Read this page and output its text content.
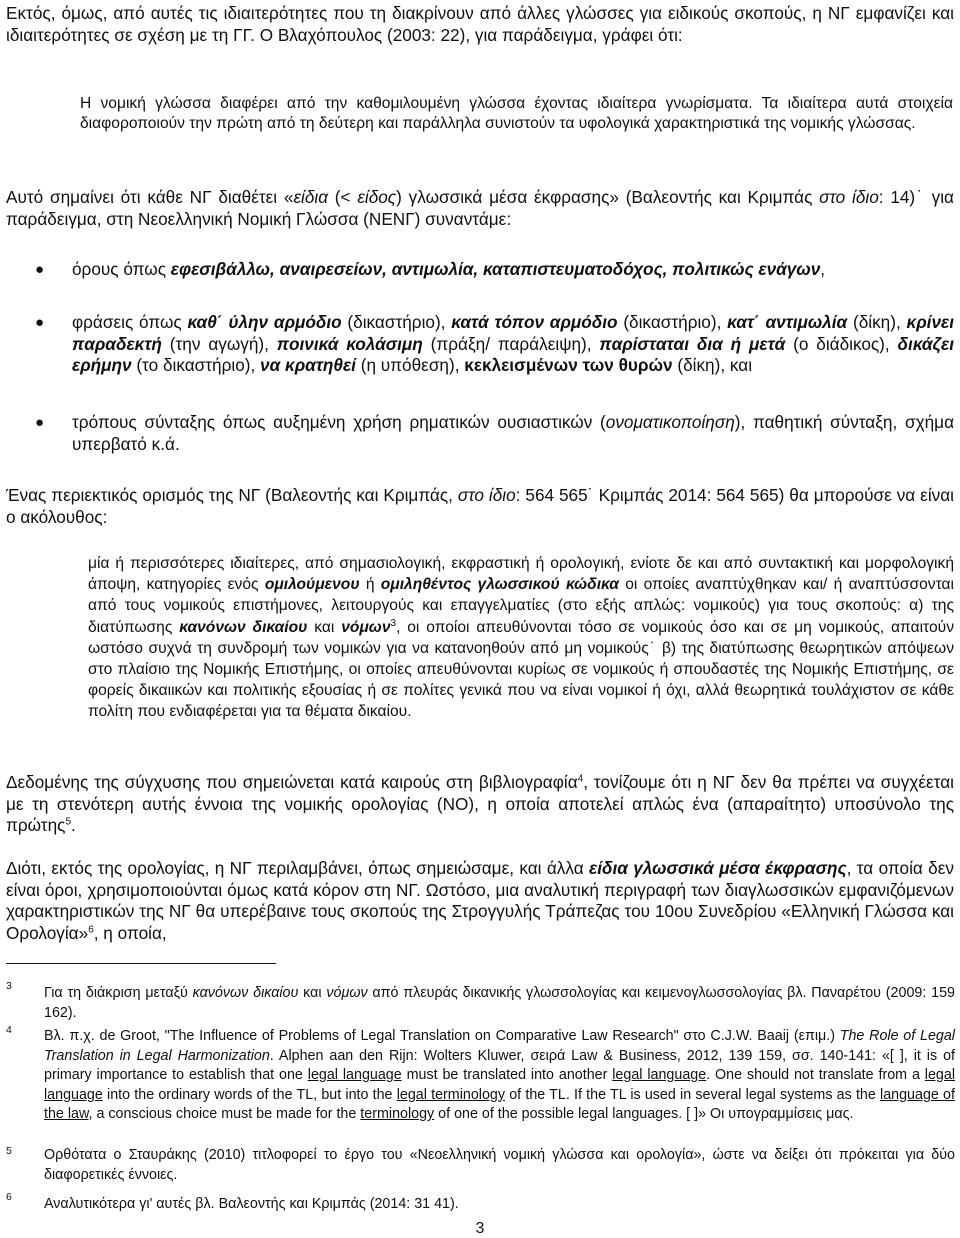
Εκτός, όμως, από αυτές τις ιδιαιτερότητες που τη διακρίνουν από άλλες γλώσσες για ειδικούς σκοπούς, η ΝΓ εμφανίζει και ιδιαιτερότητες σε σχέση με τη ΓΓ. Ο Βλαχόπουλος (2003: 22), για παράδειγμα, γράφει ότι:

Η νομική γλώσσα διαφέρει από την καθομιλουμένη γλώσσα έχοντας ιδιαίτερα γνωρίσματα. Τα ιδιαίτερα αυτά στοιχεία διαφοροποιούν την πρώτη από τη δεύτερη και παράλληλα συνιστούν τα υφολογικά χαρακτηριστικά της νομικής γλώσσας.

Αυτό σημαίνει ότι κάθε ΝΓ διαθέτει «είδια (< είδος) γλωσσικά μέσα έκφρασης» (Βαλεοντής και Κριμπάς στο ίδιο: 14)˙ για παράδειγμα, στη Νεοελληνική Νομική Γλώσσα (ΝΕΝΓ) συναντάμε:

● όρους όπως εφεσιβάλλω, αναιρεσείων, αντιμωλία, καταπιστευματοδόχος, πολιτικώς ενάγων,

● φράσεις όπως καθ΄ ύλην αρμόδιο (δικαστήριο), κατά τόπον αρμόδιο (δικαστήριο), κατ΄ αντιμωλία (δίκη), κρίνει παραδεκτή (την αγωγή), ποινικά κολάσιμη (πράξη/ παράλειψη), παρίσταται δια ή μετά (ο διάδικος), δικάζει ερήμην (το δικαστήριο), να κρατηθεί (η υπόθεση), κεκλεισμένων των θυρών (δίκη), και

● τρόπους σύνταξης όπως αυξημένη χρήση ρηματικών ουσιαστικών (ονοματικοποίηση), παθητική σύνταξη, σχήμα υπερβατό κ.ά.

Ένας περιεκτικός ορισμός της ΝΓ (Βαλεοντής και Κριμπάς, στο ίδιο: 564 565˙ Κριμπάς 2014: 564 565) θα μπορούσε να είναι ο ακόλουθος:

μία ή περισσότερες ιδιαίτερες, από σημασιολογική, εκφραστική ή ορολογική, ενίοτε δε και από συντακτική και μορφολογική άποψη, κατηγορίες ενός ομιλούμενου ή ομιληθέντος γλωσσικού κώδικα οι οποίες αναπτύχθηκαν και/ ή αναπτύσσονται από τους νομικούς επιστήμονες, λειτουργούς και επαγγελματίες (στο εξής απλώς: νομικούς) για τους σκοπούς: α) της διατύπωσης κανόνων δικαίου και νόμων$^3$, οι οποίοι απευθύνονται τόσο σε νομικούς όσο και σε μη νομικούς, απαιτούν ωστόσο συχνά τη συνδρομή των νομικών για να κατανοηθούν από μη νομικούς˙ β) της διατύπωσης θεωρητικών απόψεων στο πλαίσιο της Νομικής Επιστήμης, οι οποίες απευθύνονται κυρίως σε νομικούς ή σπουδαστές της Νομικής Επιστήμης, σε φορείς δικαιικών και πολιτικής εξουσίας ή σε πολίτες γενικά που να είναι νομικοί ή όχι, αλλά θεωρητικά τουλάχιστον σε κάθε πολίτη που ενδιαφέρεται για τα θέματα δικαίου.

Δεδομένης της σύγχυσης που σημειώνεται κατά καιρούς στη βιβλιογραφία$^4$, τονίζουμε ότι η ΝΓ δεν θα πρέπει να συγχέεται με τη στενότερη αυτής έννοια της νομικής ορολογίας (ΝΟ), η οποία αποτελεί απλώς ένα (απαραίτητο) υποσύνολο της πρώτης$^5$.

Διότι, εκτός της ορολογίας, η ΝΓ περιλαμβάνει, όπως σημειώσαμε, και άλλα είδια γλωσσικά μέσα έκφρασης, τα οποία δεν είναι όροι, χρησιμοποιούνται όμως κατά κόρον στη ΝΓ. Ωστόσο, μια αναλυτική περιγραφή των διαγλωσσικών εμφανιζόμενων χαρακτηριστικών της ΝΓ θα υπερέβαινε τους σκοπούς της Στρογγυλής Τράπεζας του 10ου Συνεδρίου «Ελληνική Γλώσσα και Ορολογία»$^6$, η οποία,

3 Για τη διάκριση μεταξύ κανόνων δικαίου και νόμων από πλευράς δικανικής γλωσσολογίας και κειμενογλωσσολογίας βλ. Παναρέτου (2009: 159 162).

4 Βλ. π.χ. de Groot, "The Influence of Problems of Legal Translation on Comparative Law Research" στο C.J.W. Baaij (επιμ.) The Role of Legal Translation in Legal Harmonization. Alphen aan den Rijn: Wolters Kluwer, σειρά Law & Business, 2012, 139 159, σσ. 140-141: «[ ], it is of primary importance to establish that one legal language must be translated into another legal language. One should not translate from a legal language into the ordinary words of the TL, but into the legal terminology of the TL. If the TL is used in several legal systems as the language of the law, a conscious choice must be made for the terminology of one of the possible legal languages. [ ]» Οι υπογραμμίσεις μας.

5 Ορθότατα ο Σταυράκης (2010) τιτλοφορεί το έργο του «Νεοελληνική νομική γλώσσα και ορολογία», ώστε να δείξει ότι πρόκειται για δύο διαφορετικές έννοιες.

6 Αναλυτικότερα γι' αυτές βλ. Βαλεοντής και Κριμπάς (2014: 31 41).

3
